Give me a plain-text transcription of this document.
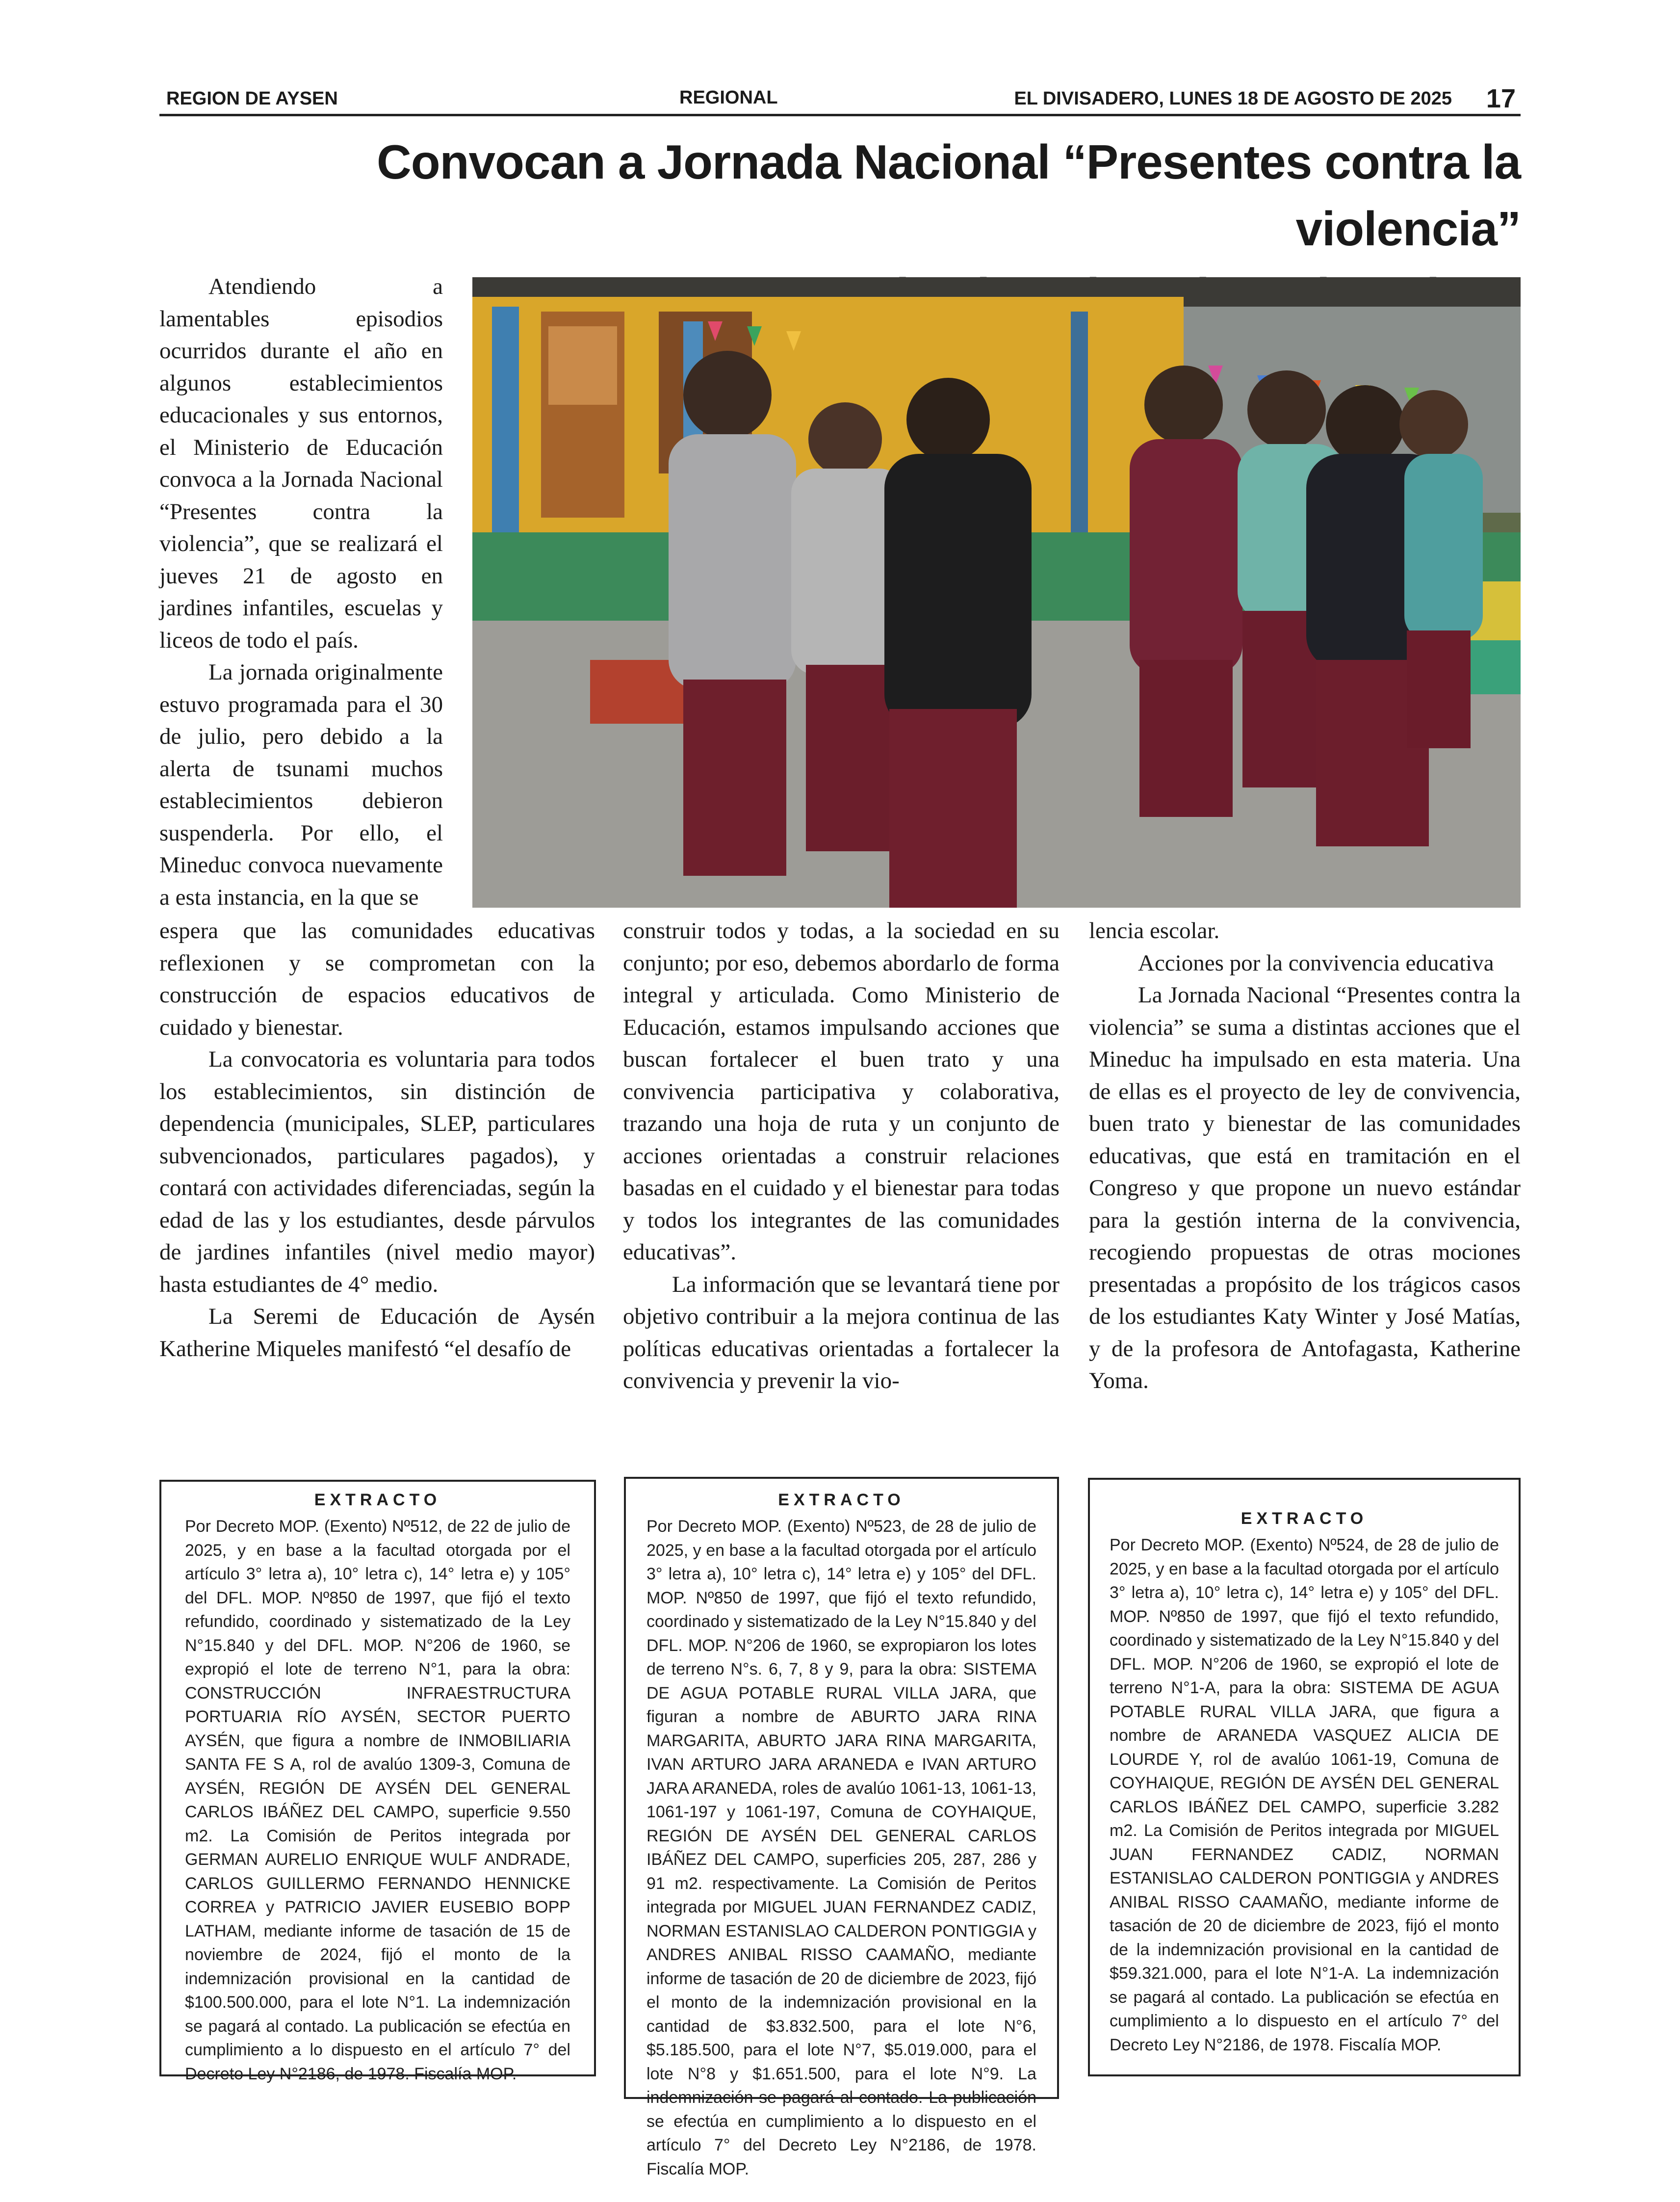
REGION DE AYSEN	REGIONAL	EL DIVISADERO, LUNES 18 DE AGOSTO DE 2025 17
Convocan a Jornada Nacional “Presentes contra la violencia”

Atendiendo a lamentables episodios ocurridos durante el año en algunos establecimientos educacionales y sus entornos, el Ministerio de Educación convoca a la Jornada Nacional “Presentes contra la violencia”, que se realizará el jueves 21 de agosto en jardines infantiles, escuelas y liceos de todo el país.

La jornada originalmente estuvo programada para el 30 de julio, pero debido a la alerta de tsunami muchos establecimientos debieron suspenderla. Por ello, el Mineduc convoca nuevamente a esta instancia, en la que se

espera que las comunidades educativas reflexionen y se comprometan con la construcción de espacios educativos de cuidado y bienestar.

La convocatoria es voluntaria para todos los establecimientos, sin distinción de dependencia (municipales, SLEP, particulares subvencionados, particulares pagados), y contará con actividades diferenciadas, según la edad de las y los estudiantes, desde párvulos de jardines infantiles (nivel medio mayor) hasta estudiantes de 4° medio.

La Seremi de Educación de Aysén Katherine Miqueles manifestó “el desafío de

construir todos y todas, a la sociedad en su conjunto; por eso, debemos abordarlo de forma integral y articulada. Como Ministerio de Educación, estamos impulsando acciones que buscan fortalecer el buen trato y una convivencia participativa y colaborativa, trazando una hoja de ruta y un conjunto de acciones orientadas a construir relaciones basadas en el cuidado y el bienestar para todas y todos los integrantes de las comunidades educativas”.

La información que se levantará tiene por objetivo contribuir a la mejora continua de las políticas educativas orientadas a fortalecer la convivencia y prevenir la vio-

lencia escolar.

Acciones por la convivencia educativa

La Jornada Nacional “Presentes contra la violencia” se suma a distintas acciones que el Mineduc ha impulsado en esta materia. Una de ellas es el proyecto de ley de convivencia, buen trato y bienestar de las comunidades educativas, que está en tramitación en el Congreso y que propone un nuevo estándar para la gestión interna de la convivencia, recogiendo propuestas de otras mociones presentadas a propósito de los trágicos casos de los estudiantes Katy Winter y José Matías, y de la profesora de Antofagasta, Katherine Yoma.

EXTRACTO
Por Decreto MOP. (Exento) Nº512, de 22 de julio de 2025, y en base a la facultad otorgada por el artículo 3° letra a), 10° letra c), 14° letra e) y 105° del DFL. MOP. Nº850 de 1997, que fijó el texto refundido, coordinado y sistematizado de la Ley N°15.840 y del DFL. MOP. N°206 de 1960, se expropió el lote de terreno N°1, para la obra: CONSTRUCCIÓN INFRAESTRUCTURA PORTUARIA RÍO AYSÉN, SECTOR PUERTO AYSÉN, que figura a nombre de INMOBILIARIA SANTA FE S A, rol de avalúo 1309-3, Comuna de AYSÉN, REGIÓN DE AYSÉN DEL GENERAL CARLOS IBÁÑEZ DEL CAMPO, superficie 9.550 m2. La Comisión de Peritos integrada por GERMAN AURELIO ENRIQUE WULF ANDRADE, CARLOS GUILLERMO FERNANDO HENNICKE CORREA y PATRICIO JAVIER EUSEBIO BOPP LATHAM, mediante informe de tasación de 15 de noviembre de 2024, fijó el monto de la indemnización provisional en la cantidad de $100.500.000, para el lote N°1. La indemnización se pagará al contado. La publicación se efectúa en cumplimiento a lo dispuesto en el artículo 7° del Decreto Ley N°2186, de 1978. Fiscalía MOP.
EXTRACTO
Por Decreto MOP. (Exento) Nº523, de 28 de julio de 2025, y en base a la facultad otorgada por el artículo 3° letra a), 10° letra c), 14° letra e) y 105° del DFL. MOP. Nº850 de 1997, que fijó el texto refundido, coordinado y sistematizado de la Ley N°15.840 y del DFL. MOP. N°206 de 1960, se expropiaron los lotes de terreno N°s. 6, 7, 8 y 9, para la obra: SISTEMA DE AGUA POTABLE RURAL VILLA JARA, que figuran a nombre de ABURTO JARA RINA MARGARITA, ABURTO JARA RINA MARGARITA, IVAN ARTURO JARA ARANEDA e IVAN ARTURO JARA ARANEDA, roles de avalúo 1061-13, 1061-13, 1061-197 y 1061-197, Comuna de COYHAIQUE, REGIÓN DE AYSÉN DEL GENERAL CARLOS IBÁÑEZ DEL CAMPO, superficies 205, 287, 286 y 91 m2. respectivamente. La Comisión de Peritos integrada por MIGUEL JUAN FERNANDEZ CADIZ, NORMAN ESTANISLAO CALDERON PONTIGGIA y ANDRES ANIBAL RISSO CAAMAÑO, mediante informe de tasación de 20 de diciembre de 2023, fijó el monto de la indemnización provisional en la cantidad de $3.832.500, para el lote N°6, $5.185.500, para el lote N°7, $5.019.000, para el lote N°8 y $1.651.500, para el lote N°9. La indemnización se pagará al contado. La publicación se efectúa en cumplimiento a lo dispuesto en el artículo 7° del Decreto Ley N°2186, de 1978. Fiscalía MOP.
EXTRACTO
Por Decreto MOP. (Exento) Nº524, de 28 de julio de 2025, y en base a la facultad otorgada por el artículo 3° letra a), 10° letra c), 14° letra e) y 105° del DFL. MOP. Nº850 de 1997, que fijó el texto refundido, coordinado y sistematizado de la Ley N°15.840 y del DFL. MOP. N°206 de 1960, se expropió el lote de terreno N°1-A, para la obra: SISTEMA DE AGUA POTABLE RURAL VILLA JARA, que figura a nombre de ARANEDA VASQUEZ ALICIA DE LOURDE Y, rol de avalúo 1061-19, Comuna de COYHAIQUE, REGIÓN DE AYSÉN DEL GENERAL CARLOS IBÁÑEZ DEL CAMPO, superficie 3.282 m2. La Comisión de Peritos integrada por MIGUEL JUAN FERNANDEZ CADIZ, NORMAN ESTANISLAO CALDERON PONTIGGIA y ANDRES ANIBAL RISSO CAAMAÑO, mediante informe de tasación de 20 de diciembre de 2023, fijó el monto de la indemnización provisional en la cantidad de $59.321.000, para el lote N°1-A. La indemnización se pagará al contado. La publicación se efectúa en cumplimiento a lo dispuesto en el artículo 7° del Decreto Ley N°2186, de 1978. Fiscalía MOP.
